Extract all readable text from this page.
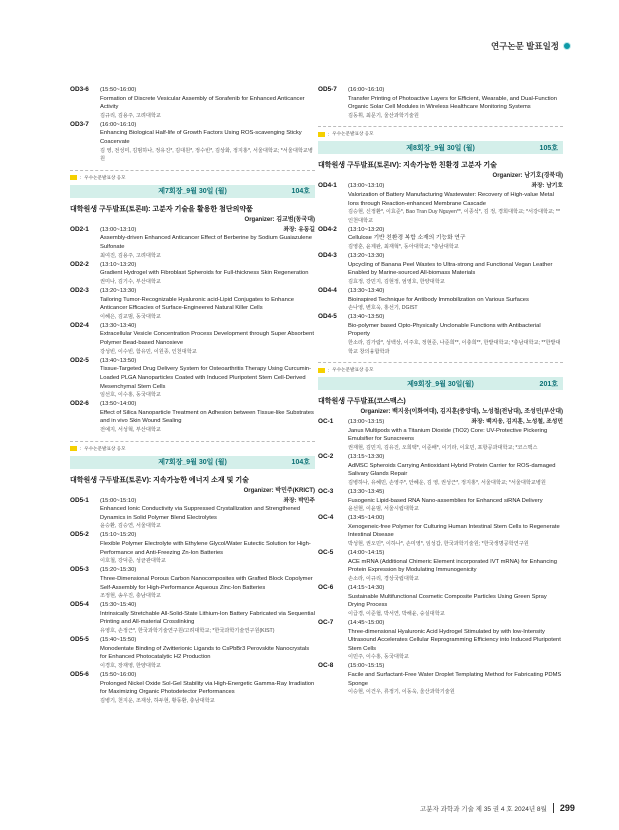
연구논문 발표일정
OD3-6	(15:50~16:00)
Formation of Discrete Vesicular Assembly of Sorafenib for Enhanced Anticancer Activity
김규리, 김용주, 고려대학교
OD3-7	(16:00~16:10)
Enhancing Biological Half-life of Growth Factors Using ROS-scavenging Sticky Coacervate
김 영, 전성미, 김범하나, 정유진*, 김대원*, 정수빈*, 김상화, 정지홍*, 서울대학교; *서울대학교병원
: 우수논문발표상 응모
제7회장_9월 30일 (월)	104호
대학원생 구두발표(토론II): 고분자 기술을 활용한 첨단의약품
Organizer: 김교범(동국대)
OD2-1	(13:00~13:10)	좌장: 유동길
Assembly-driven Enhanced Anticancer Effect of Berberine by Sodium Guaiazulene Sulfonate
최여진, 김용주, 고려대학교
OD2-2	(13:10~13:20)
Gradient Hydrogel with Fibroblast Spheroids for Full-thickness Skin Regeneration
권미나, 김기수, 부산대학교
OD2-3	(13:20~13:30)
Tailoring Tumor-Recognizable Hyaluronic acid-Lipid Conjugates to Enhance Anticancer Efficacies of Surface-Engineered Natural Killer Cells
이혜은, 김교범, 동국대학교
OD2-4	(13:30~13:40)
Extracellular Vesicle Concentration Process Development through Super Absorbent Polymer Bead-based Nanosieve
강성빈, 이수빈, 함유민, 이원종, 인천대학교
OD2-5	(13:40~13:50)
Tissue-Targeted Drug Delivery System for Osteoarthritis Therapy Using Curcumin-Loaded PLGA Nanoparticles Coated with Induced Pluripotent Stem Cell-Derived Mesenchymal Stem Cells
임선호, 이수홍, 동국대학교
OD2-6	(13:50~14:00)
Effect of Silica Nanoparticle Treatment on Adhesion between Tissue-like Substrates and in vivo Skin Wound Sealing
전예지, 서성혁, 부산대학교
: 우수논문발표상 응모
제7회장_9월 30일 (월)	104호
대학원생 구두발표(토론V): 지속가능한 에너지 소재 및 기술
Organizer: 박민주(KRICT)
OD5-1	(15:00~15:10)	좌장: 박민주
Enhanced Ionic Conductivity via Suppressed Crystallization and Strengthened Dynamics in Solid Polymer Blend Electrolytes
윤승환, 김승연, 서울대학교
OD5-2	(15:10~15:20)
Flexible Polymer Electrolyte with Ethylene Glycol/Water Eutectic Solution for High-Performance and Anti-Freezing Zn-Ion Batteries
이호철, 강덕준, 성균관대학교
OD5-3	(15:20~15:30)
Three-Dimensional Porous Carbon Nanocomposites with Grafted Block Copolymer Self-Assembly for High-Performance Aqueous Zinc-Ion Batteries
조정현, 송우진, 충남대학교
OD5-4	(15:30~15:40)
Intrinsically Stretchable All-Solid-State Lithium-Ion Battery Fabricated via Sequential Printing and All-material Crosslinking
유영호, 손정근*, 한국과학기술연구원/고려대학교; *한국과학기술연구원(KIST)
OD5-5	(15:40~15:50)
Monodentate Binding of Zwitterionic Ligands to CsPbBr3 Perovskite Nanocrystals for Enhanced Photocatalytic H2 Production
이경호, 장재영, 한양대학교
OD5-6	(15:50~16:00)
Prolonged Nickel Oxide Sol-Gel Stability via High-Energetic Gamma-Ray Irradiation for Maximizing Organic Photodetector Performances
김병기, 천지운, 조재상, 하두현, 황동환, 충남대학교
OD5-7	(16:00~16:10)
Transfer Printing of Photoactive Layers for Efficient, Wearable, and Dual-Function Organic Solar Cell Modules in Wireless Healthcare Monitoring Systems
김동휘, 최문기, 울산과학기술원
: 우수논문발표상 응모
제8회장_9월 30일 (월)	105호
대학원생 구두발표(토론IV): 지속가능한 친환경 고분자 기술
Organizer: 남기호(경북대)
OD4-1	(13:00~13:10)	좌장: 남기호
Valorization of Battery Manufacturing Wastewater: Recovery of High-value Metal Ions through Reaction-enhanced Membrane Cascade
김승현, 신정환*, 이효준*, Bao Tran Duy Nguyen**, 이종석*, 김 정, 경희대학교; *서강대학교; **인천대학교
OD4-2	(13:10~13:20)
Cellulose 기반 친환경 복합 소재의 기능화 연구
김영훈, 윤제완, 최재혁*, 동아대학교; *충남대학교
OD4-3	(13:20~13:30)
Upcycling of Banana Peel Wastes to Ultra-strong and Functional Vegan Leather Enabled by Marine-sourced All-biomass Materials
김효정, 강민지, 김현정, 엄영호, 한양대학교
OD4-4	(13:30~13:40)
Bioinspired Technique for Antibody Immobilization on Various Surfaces
손나영, 변호욱, 홍선기, DGIST
OD4-5	(13:40~13:50)
Bio-polymer based Opto-Physically Unclonable Functions with Antibacterial Property
한소라, 김가람*, 성백상, 이주호, 정현준, 나준희**, 이충희**, 한밭대학교; *충남대학교; **한밭대학교 창의융합학과
: 우수논문발표상 응모
제9회장_9월 30일(월)	201호
대학원생 구두발표(코스맥스)
Organizer: 백지웅(이화여대), 김지훈(중앙대), 노성철(전남대), 조성민(부산대)
OC-1	(13:00~13:15)	좌장: 백지웅, 김지훈, 노성철, 조성민
Janus Multipods with a Titanium Dioxide (TiO2) Core: UV-Protective Pickering Emulsifier for Sunscreens
권재현, 김민지, 김유진, 오희택*, 이준배*, 이기라, 이효민, 포항공과대학교; *코스맥스
OC-2	(13:15~13:30)
AdMSC Spheroids Carrying Antioxidant Hybrid Protein Carrier for ROS-damaged Salivary Glands Repair
김병하나, 유혜민, 손영주*, 안혜운, 김 영, 권성근*, 정지홍*, 서울대학교; *서울대학교병원
OC-3	(13:30~13:45)
Fusogenic Lipid-based RNA Nano-assemblies for Enhanced siRNA Delivery
윤선현, 이윤범, 서울시립대학교
OC-4	(13:45~14:00)
Xenogeneic-free Polymer for Culturing Human Intestinal Stem Cells to Regenerate Intestinal Disease
박성현, 권오민*, 이하나*, 손미영*, 임성갑, 한국과학기술원; *한국생명공학연구원
OC-5	(14:00~14:15)
ACE mRNA (Additional Chimeric Element incorporated IVT mRNA) for Enhancing Protein Expression by Modulating Immunogenicity
손소라, 이규리, 경상국립대학교
OC-6	(14:15~14:30)
Sustainable Multifunctional Cosmetic Composite Particles Using Green Spray Drying Process
이급경, 이준협, 박서연, 박해윤, 숭실대학교
OC-7	(14:45~15:00)
Three-dimensional Hyaluronic Acid Hydrogel Stimulated by with low-Intensity Ultrasound Accelerates Cellular Reprogramming Efficiency into Induced Pluripotent Stem Cells
이민주, 이수홍, 동국대학교
OC-8	(15:00~15:15)
Facile and Surfactant-Free Water Droplet Templating Method for Fabricating PDMS Sponge
이승현, 이건우, 류정기, 이동욱, 울산과학기술원
고분자 과학과 기술 제 35 권 4 호 2024년 8월 299
